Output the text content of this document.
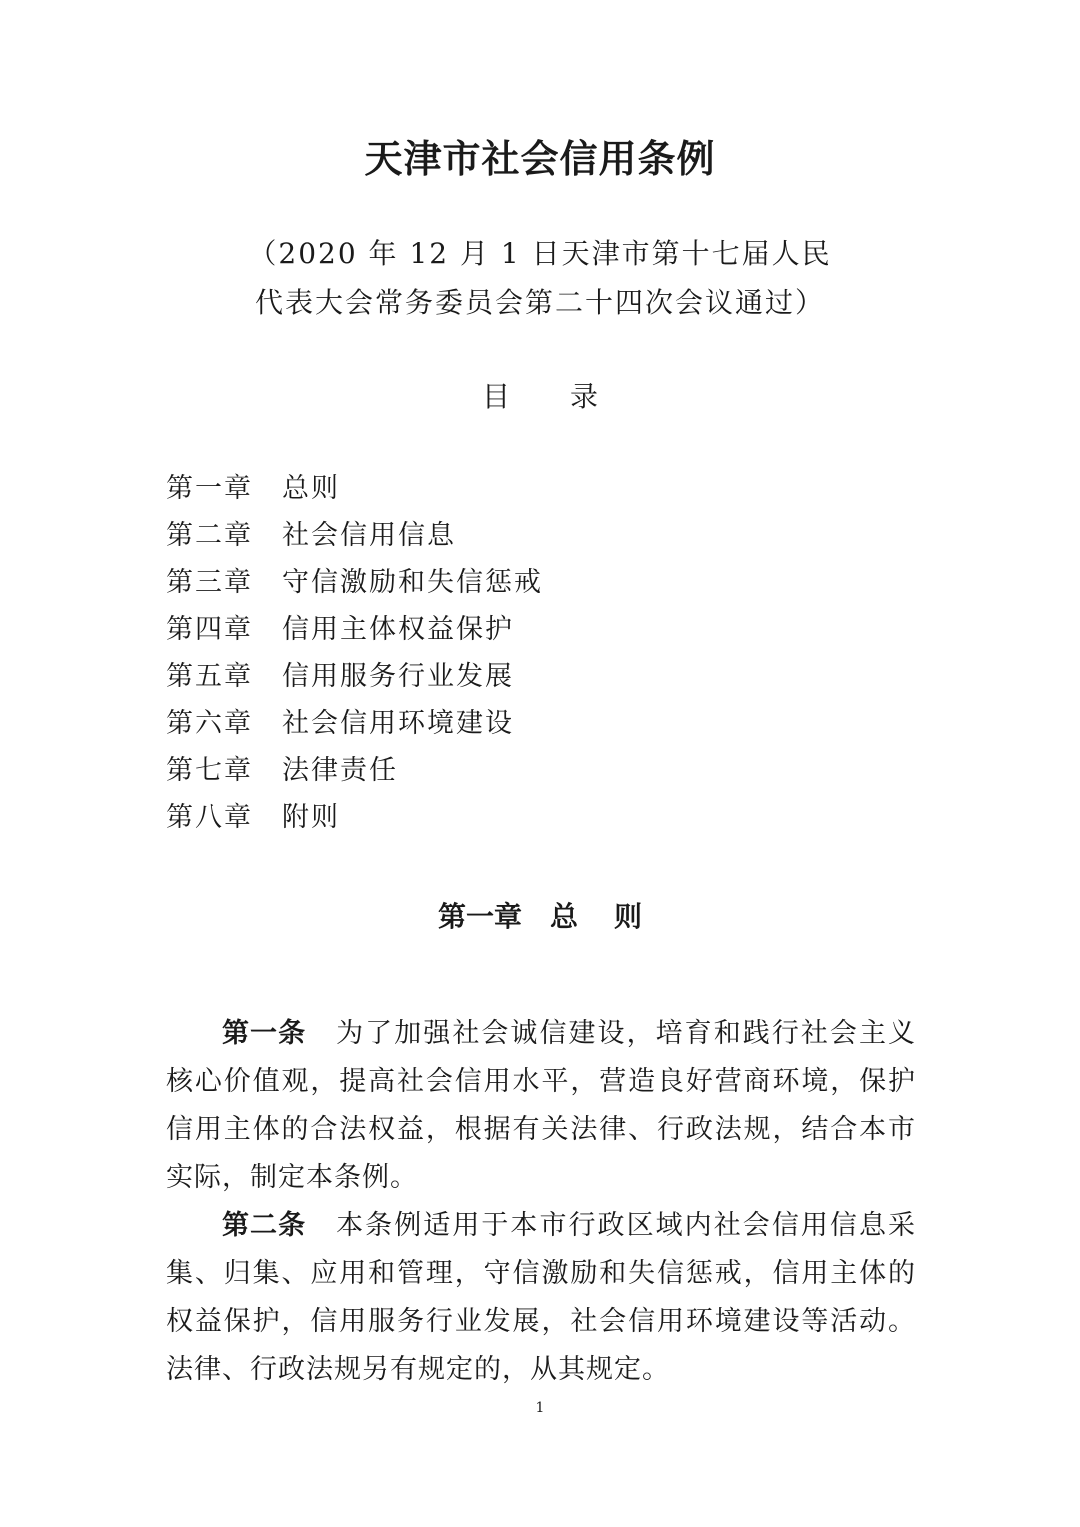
天津市社会信用条例
（2020 年 12 月 1 日天津市第十七届人民
代表大会常务委员会第二十四次会议通过）
目 录
第一章 总则
第二章 社会信用信息
第三章 守信激励和失信惩戒
第四章 信用主体权益保护
第五章 信用服务行业发展
第六章 社会信用环境建设
第七章 法律责任
第八章 附则
第一章 总 则

第一条 为了加强社会诚信建设，培育和践行社会主义核心价值观，提高社会信用水平，营造良好营商环境，保护信用主体的合法权益，根据有关法律、行政法规，结合本市实际，制定本条例。

第二条 本条例适用于本市行政区域内社会信用信息采集、归集、应用和管理，守信激励和失信惩戒，信用主体的权益保护，信用服务行业发展，社会信用环境建设等活动。法律、行政法规另有规定的，从其规定。

1
